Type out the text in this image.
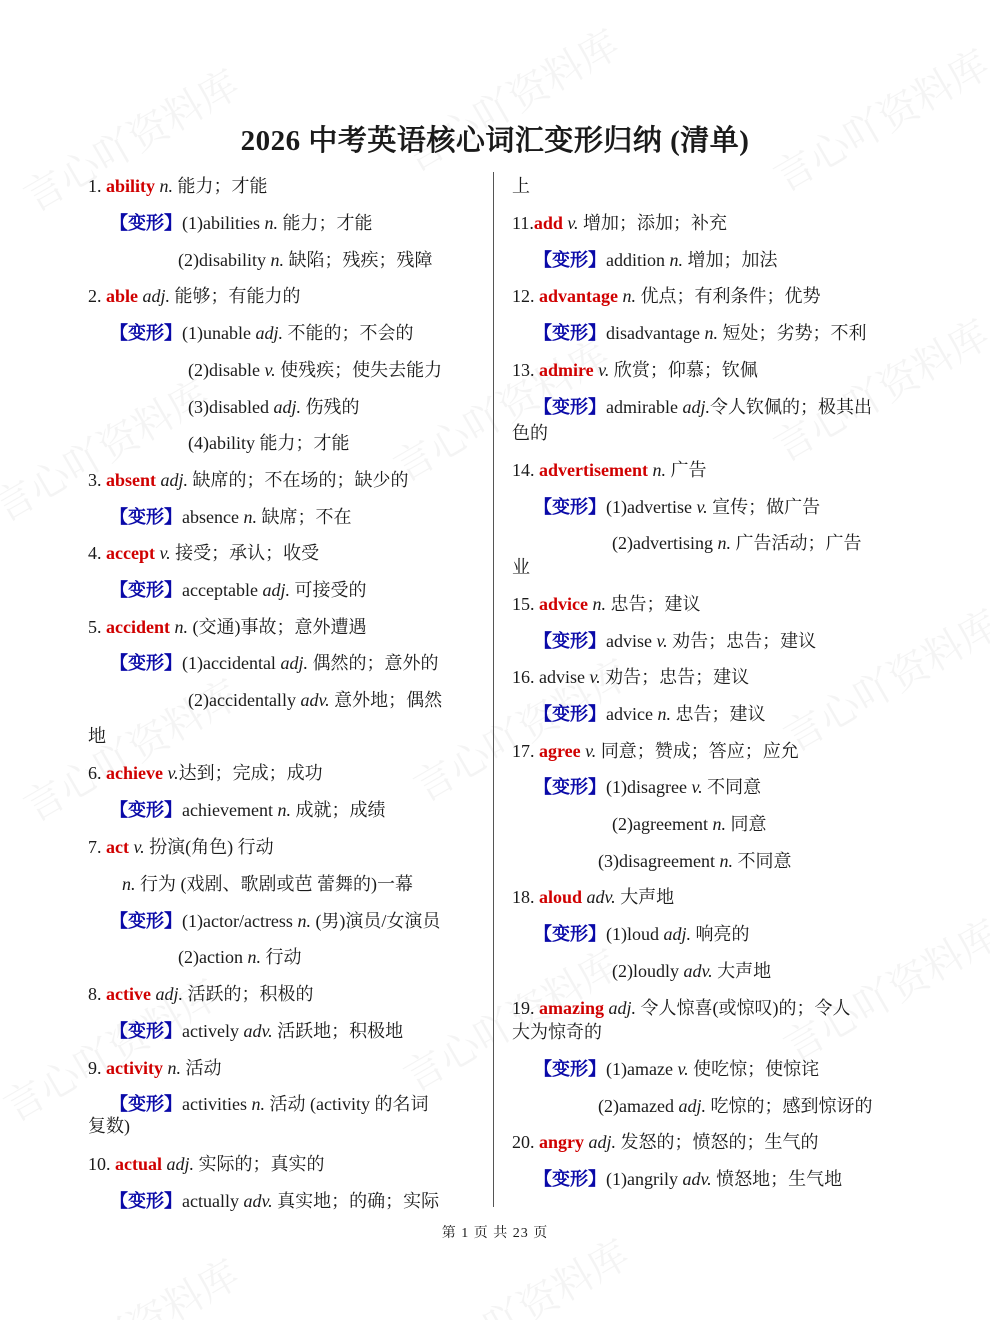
2026 中考英语核心词汇变形归纳 (清单)
1. ability n. 能力；才能
【变形】(1)abilities n. 能力；才能
(2)disability n. 缺陷；残疾；残障
2. able adj. 能够；有能力的
【变形】(1)unable adj. 不能的；不会的
(2)disable v. 使残疾；使失去能力
(3)disabled adj. 伤残的
(4)ability 能力；才能
3. absent adj. 缺席的；不在场的；缺少的
【变形】absence n. 缺席；不在
4. accept v. 接受；承认；收受
【变形】acceptable adj. 可接受的
5. accident n. (交通)事故；意外遭遇
【变形】(1)accidental adj. 偶然的；意外的
(2)accidentally adv. 意外地；偶然
地
6. achieve v.达到；完成；成功
【变形】achievement n. 成就；成绩
7. act v. 扮演(角色) 行动
n. 行为 (戏剧、歌剧或芭 蕾舞的)一幕
【变形】(1)actor/actress n. (男)演员/女演员
(2)action n. 行动
8. active adj. 活跃的；积极的
【变形】actively adv. 活跃地；积极地
9. activity n. 活动
【变形】activities n. 活动 (activity 的名词
复数)
10. actual adj. 实际的；真实的
【变形】actually adv. 真实地；的确；实际
上
11.add v. 增加；添加；补充
【变形】addition n. 增加；加法
12. advantage n. 优点；有利条件；优势
【变形】disadvantage n. 短处；劣势；不利
13. admire v. 欣赏；仰慕；钦佩
【变形】admirable adj.令人钦佩的；极其出
色的
14. advertisement n. 广告
【变形】(1)advertise v. 宣传；做广告
(2)advertising n. 广告活动；广告
业
15. advice n. 忠告；建议
【变形】advise v. 劝告；忠告；建议
16. advise v. 劝告；忠告；建议
【变形】advice n. 忠告；建议
17. agree v. 同意；赞成；答应；应允
【变形】(1)disagree v. 不同意
(2)agreement n. 同意
(3)disagreement n. 不同意
18. aloud adv. 大声地
【变形】(1)loud adj. 响亮的
(2)loudly adv. 大声地
19. amazing adj. 令人惊喜(或惊叹)的；令人
大为惊奇的
【变形】(1)amaze v. 使吃惊；使惊诧
(2)amazed adj. 吃惊的；感到惊讶的
20. angry adj. 发怒的；愤怒的；生气的
【变形】(1)angrily adv. 愤怒地；生气地
第 1 页 共 23 页
